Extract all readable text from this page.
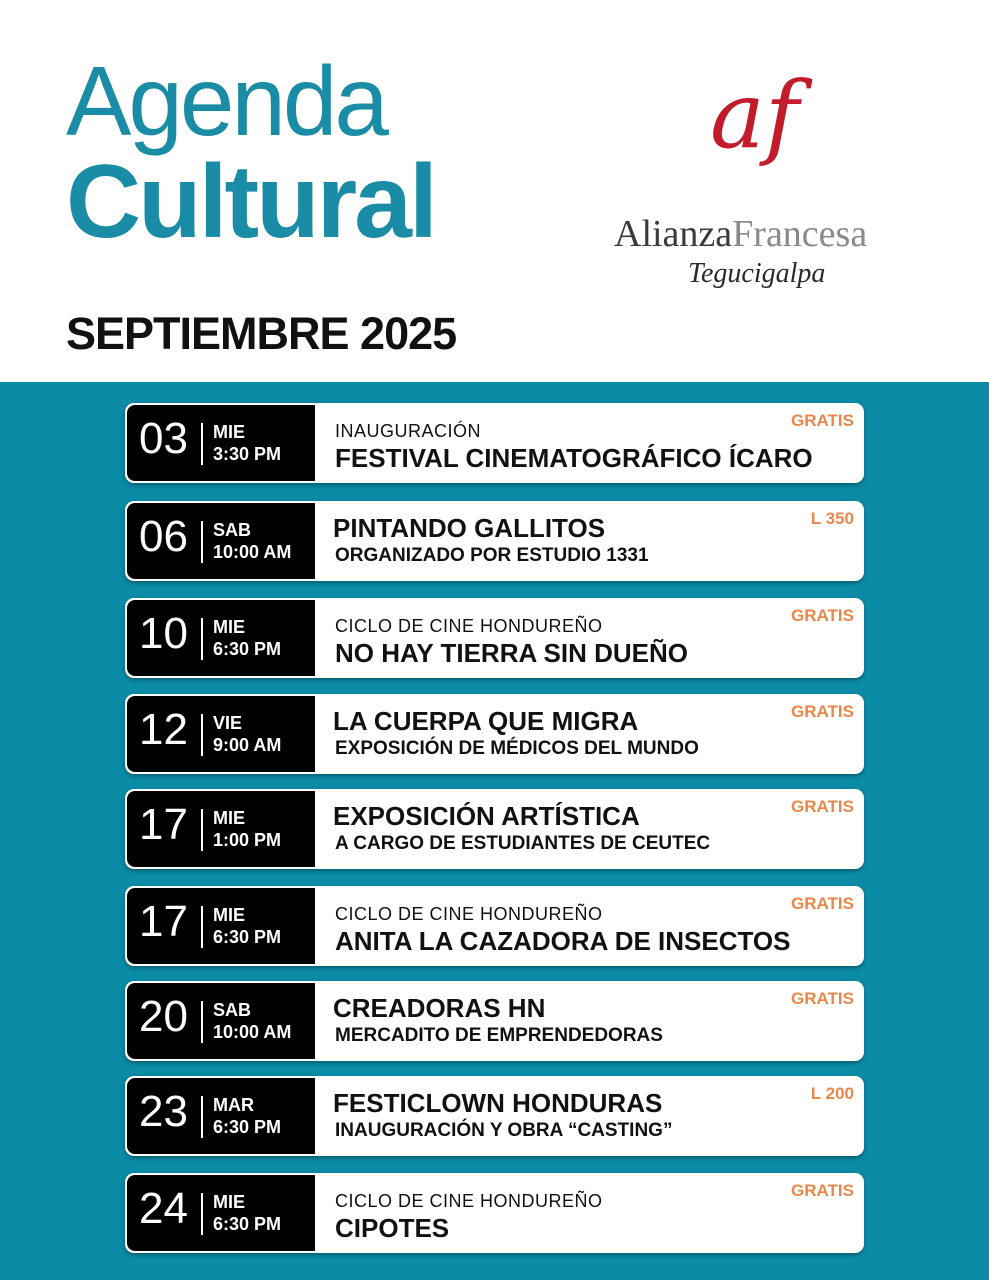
Agenda
Cultural
SEPTIEMBRE 2025
af
AlianzaFrancesa
Tegucigalpa
03 MIE
3:30 PM
INAUGURACIÓN
FESTIVAL CINEMATOGRÁFICO ÍCARO
GRATIS
06 SAB
10:00 AM
PINTANDO GALLITOS
ORGANIZADO POR ESTUDIO 1331
L 350
10 MIE
6:30 PM
CICLO DE CINE HONDUREÑO
NO HAY TIERRA SIN DUEÑO
GRATIS
12 VIE
9:00 AM
LA CUERPA QUE MIGRA
EXPOSICIÓN DE MÉDICOS DEL MUNDO
GRATIS
17 MIE
1:00 PM
EXPOSICIÓN ARTÍSTICA
A CARGO DE ESTUDIANTES DE CEUTEC
GRATIS
17 MIE
6:30 PM
CICLO DE CINE HONDUREÑO
ANITA LA CAZADORA DE INSECTOS
GRATIS
20 SAB
10:00 AM
CREADORAS HN
MERCADITO DE EMPRENDEDORAS
GRATIS
23 MAR
6:30 PM
FESTICLOWN HONDURAS
INAUGURACIÓN Y OBRA “CASTING”
L 200
24 MIE
6:30 PM
CICLO DE CINE HONDUREÑO
CIPOTES
GRATIS
